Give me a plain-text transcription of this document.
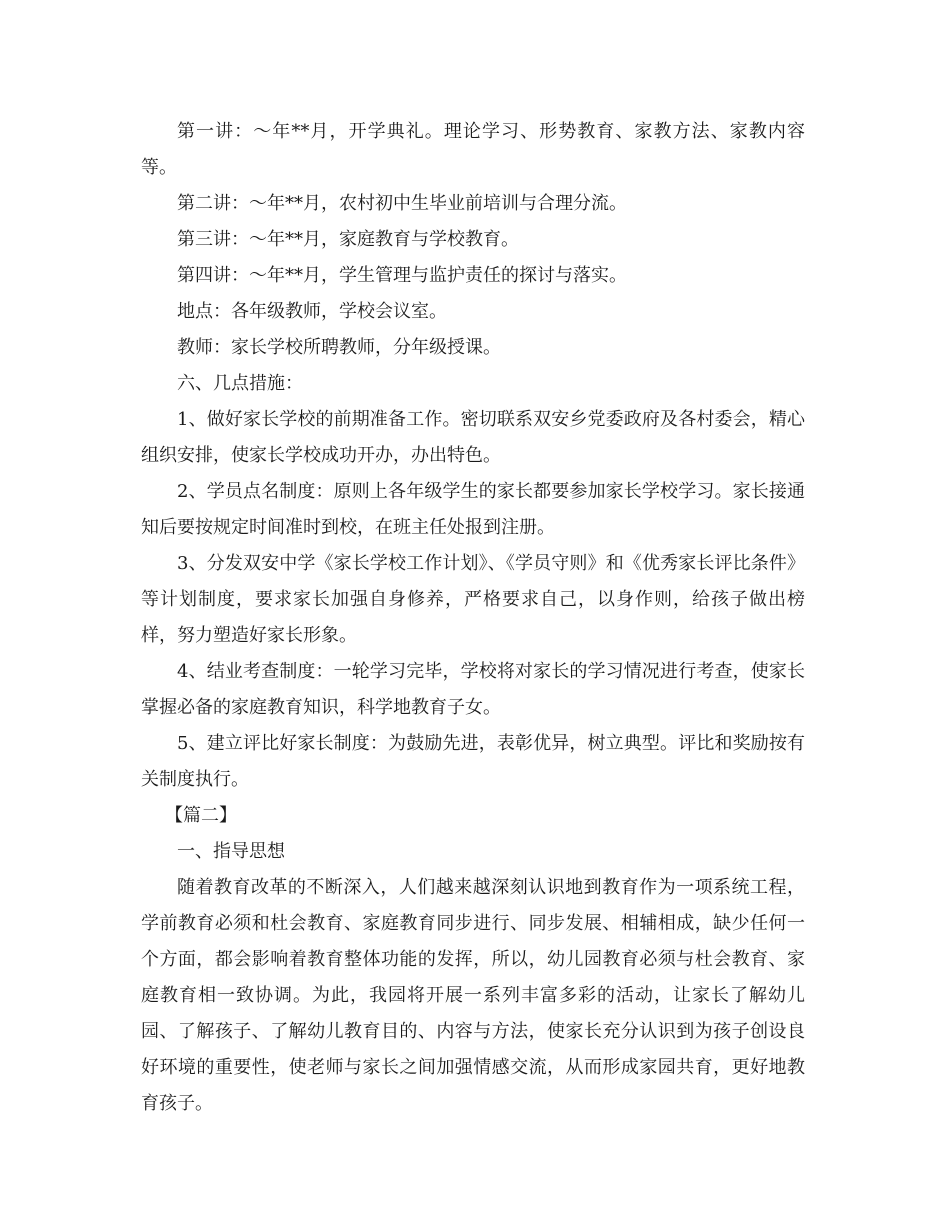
第一讲：～年**月，开学典礼。理论学习、形势教育、家教方法、家教内容等。

第二讲：～年**月，农村初中生毕业前培训与合理分流。

第三讲：～年**月，家庭教育与学校教育。

第四讲：～年**月，学生管理与监护责任的探讨与落实。

地点：各年级教师，学校会议室。

教师：家长学校所聘教师，分年级授课。

六、几点措施：

1、做好家长学校的前期准备工作。密切联系双安乡党委政府及各村委会，精心组织安排，使家长学校成功开办，办出特色。

2、学员点名制度：原则上各年级学生的家长都要参加家长学校学习。家长接通知后要按规定时间准时到校，在班主任处报到注册。

3、分发双安中学《家长学校工作计划》、《学员守则》和《优秀家长评比条件》等计划制度，要求家长加强自身修养，严格要求自己，以身作则，给孩子做出榜样，努力塑造好家长形象。

4、结业考查制度：一轮学习完毕，学校将对家长的学习情况进行考查，使家长掌握必备的家庭教育知识，科学地教育子女。

5、建立评比好家长制度：为鼓励先进，表彰优异，树立典型。评比和奖励按有关制度执行。

【篇二】

一、指导思想

随着教育改革的不断深入，人们越来越深刻认识地到教育作为一项系统工程，学前教育必须和杜会教育、家庭教育同步进行、同步发展、相辅相成，缺少任何一个方面，都会影响着教育整体功能的发挥，所以，幼儿园教育必须与杜会教育、家庭教育相一致协调。为此，我园将开展一系列丰富多彩的活动，让家长了解幼儿园、了解孩子、了解幼儿教育目的、内容与方法，使家长充分认识到为孩子创设良好环境的重要性，使老师与家长之间加强情感交流，从而形成家园共育，更好地教育孩子。
